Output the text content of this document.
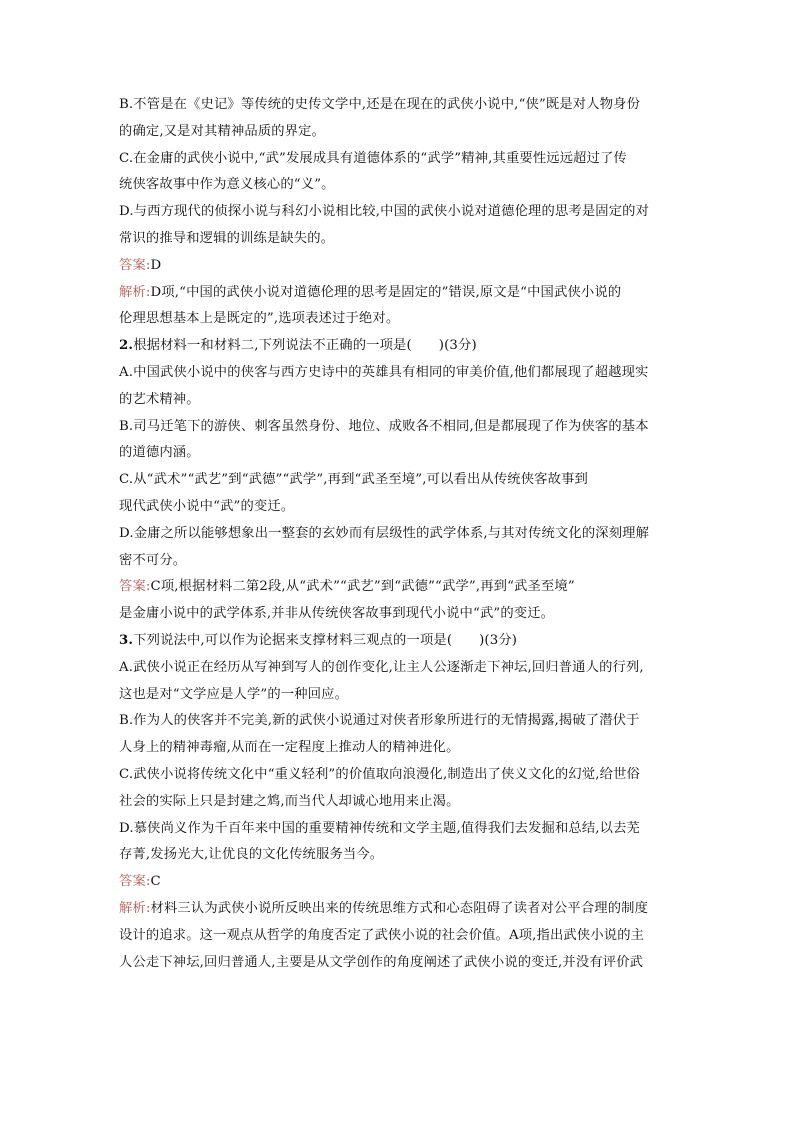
B.不管是在《史记》等传统的史传文学中,还是在现在的武侠小说中,“侠”既是对人物身份
的确定,又是对其精神品质的界定。
C.在金庸的武侠小说中,“武”发展成具有道德体系的“武学”精神,其重要性远远超过了传
统侠客故事中作为意义核心的“义”。
D.与西方现代的侦探小说与科幻小说相比较,中国的武侠小说对道德伦理的思考是固定的对
常识的推导和逻辑的训练是缺失的。
答案:D
解析:D项,“中国的武侠小说对道德伦理的思考是固定的”错误,原文是“中国武侠小说的
伦理思想基本上是既定的”,选项表述过于绝对。
2.根据材料一和材料二,下列说法不正确的一项是(　　)(3分)
A.中国武侠小说中的侠客与西方史诗中的英雄具有相同的审美价值,他们都展现了超越现实
的艺术精神。
B.司马迁笔下的游侠、刺客虽然身份、地位、成败各不相同,但是都展现了作为侠客的基本
的道德内涵。
C.从“武术”“武艺”到“武德”“武学”,再到“武圣至境”,可以看出从传统侠客故事到
现代武侠小说中“武”的变迁。
D.金庸之所以能够想象出一整套的玄妙而有层级性的武学体系,与其对传统文化的深刻理解
密不可分。
答案:C项,根据材料二第2段,从“武术”“武艺”到“武德”“武学”,再到“武圣至境”
是金庸小说中的武学体系,并非从传统侠客故事到现代小说中“武”的变迁。
3.下列说法中,可以作为论据来支撑材料三观点的一项是(　　)(3分)
A.武侠小说正在经历从写神到写人的创作变化,让主人公逐渐走下神坛,回归普通人的行列,
这也是对“文学应是人学”的一种回应。
B.作为人的侠客并不完美,新的武侠小说通过对侠者形象所进行的无情揭露,揭破了潜伏于
人身上的精神毒瘤,从而在一定程度上推动人的精神进化。
C.武侠小说将传统文化中“重义轻利”的价值取向浪漫化,制造出了侠义文化的幻觉,给世俗
社会的实际上只是封建之鸩,而当代人却诚心地用来止渴。
D.慕侠尚义作为千百年来中国的重要精神传统和文学主题,值得我们去发掘和总结,以去芜
存菁,发扬光大,让优良的文化传统服务当今。
答案:C
解析:材料三认为武侠小说所反映出来的传统思维方式和心态阻碍了读者对公平合理的制度
设计的追求。这一观点从哲学的角度否定了武侠小说的社会价值。A项,指出武侠小说的主
人公走下神坛,回归普通人,主要是从文学创作的角度阐述了武侠小说的变迁,并没有评价武
